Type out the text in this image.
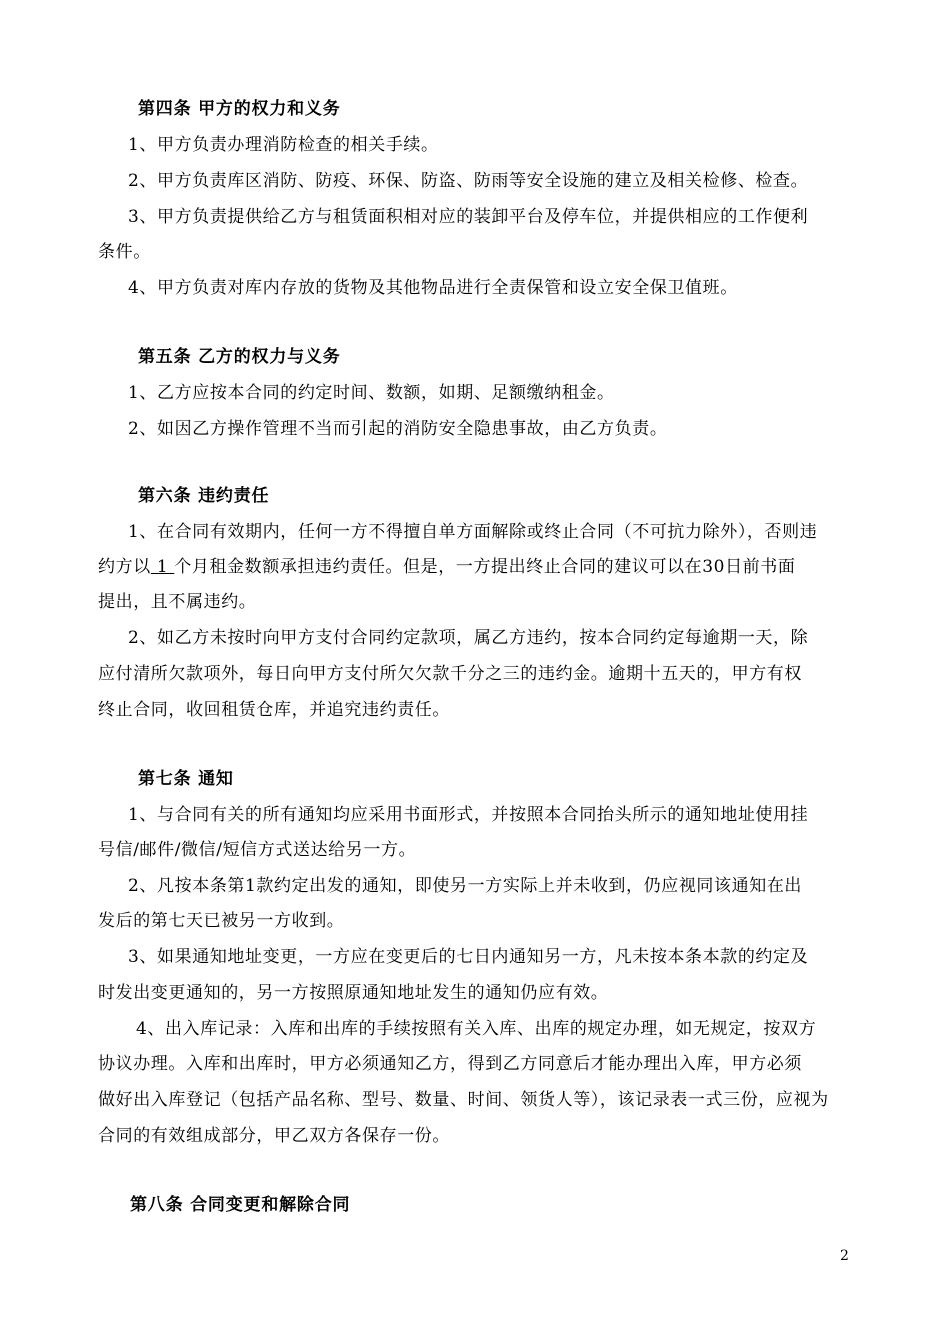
第四条 甲方的权力和义务
1、甲方负责办理消防检查的相关手续。
2、甲方负责库区消防、防疫、环保、防盗、防雨等安全设施的建立及相关检修、检查。
3、甲方负责提供给乙方与租赁面积相对应的装卸平台及停车位，并提供相应的工作便利
条件。
4、甲方负责对库内存放的货物及其他物品进行全责保管和设立安全保卫值班。
第五条 乙方的权力与义务
1、乙方应按本合同的约定时间、数额，如期、足额缴纳租金。
2、如因乙方操作管理不当而引起的消防安全隐患事故，由乙方负责。
第六条 违约责任
1、在合同有效期内，任何一方不得擅自单方面解除或终止合同（不可抗力除外），否则违
约方以 1 个月租金数额承担违约责任。但是，一方提出终止合同的建议可以在30日前书面
提出，且不属违约。
2、如乙方未按时向甲方支付合同约定款项，属乙方违约，按本合同约定每逾期一天，除
应付清所欠款项外，每日向甲方支付所欠欠款千分之三的违约金。逾期十五天的，甲方有权
终止合同，收回租赁仓库，并追究违约责任。
第七条 通知
1、与合同有关的所有通知均应采用书面形式，并按照本合同抬头所示的通知地址使用挂
号信/邮件/微信/短信方式送达给另一方。
2、凡按本条第1款约定出发的通知，即使另一方实际上并未收到，仍应视同该通知在出
发后的第七天已被另一方收到。
3、如果通知地址变更，一方应在变更后的七日内通知另一方，凡未按本条本款的约定及
时发出变更通知的，另一方按照原通知地址发生的通知仍应有效。
4、出入库记录：入库和出库的手续按照有关入库、出库的规定办理，如无规定，按双方
协议办理。入库和出库时，甲方必须通知乙方，得到乙方同意后才能办理出入库，甲方必须
做好出入库登记（包括产品名称、型号、数量、时间、领货人等），该记录表一式三份，应视为
合同的有效组成部分，甲乙双方各保存一份。
第八条 合同变更和解除合同
2
